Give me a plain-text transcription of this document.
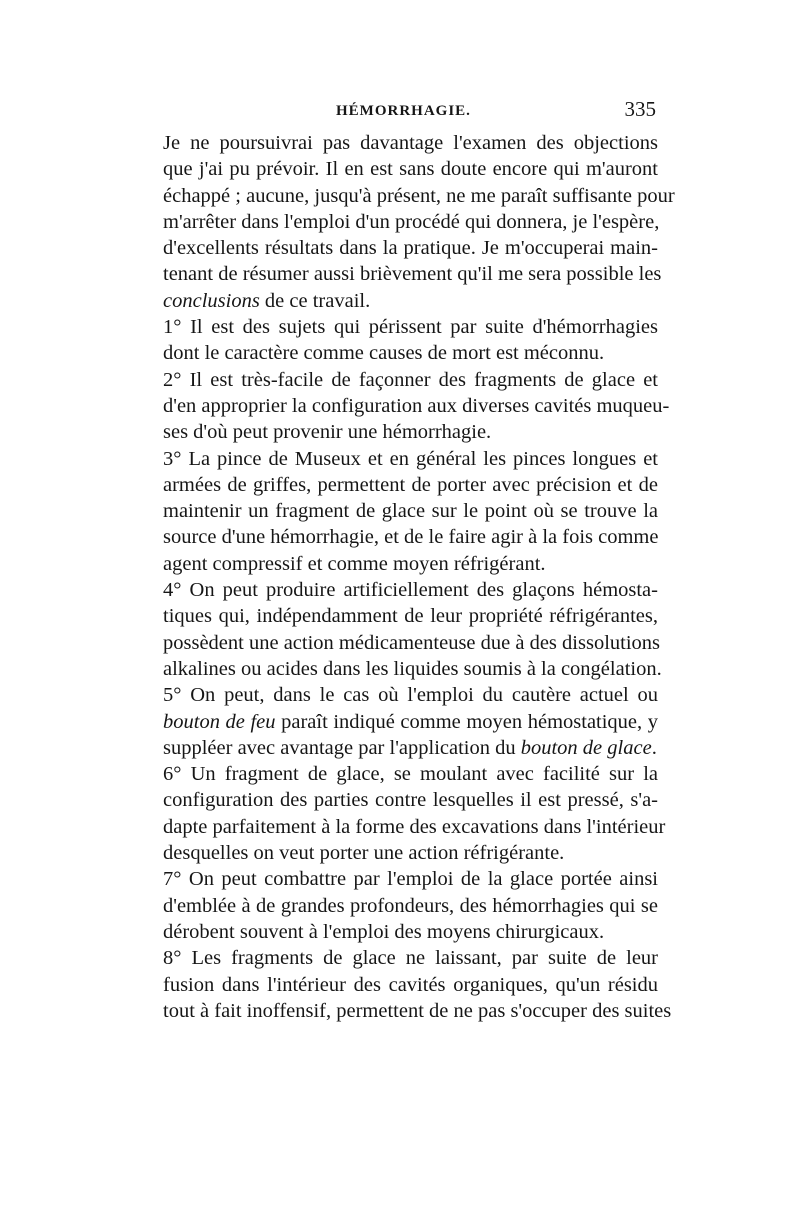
HÉMORRHAGIE.	335
Je ne poursuivrai pas davantage l'examen des objections
que j'ai pu prévoir. Il en est sans doute encore qui m'auront
échappé ; aucune, jusqu'à présent, ne me paraît suffisante pour
m'arrêter dans l'emploi d'un procédé qui donnera, je l'espère,
d'excellents résultats dans la pratique. Je m'occuperai main-
tenant de résumer aussi brièvement qu'il me sera possible les
conclusions de ce travail.
1° Il est des sujets qui périssent par suite d'hémorrhagies
dont le caractère comme causes de mort est méconnu.
2° Il est très-facile de façonner des fragments de glace et
d'en approprier la configuration aux diverses cavités muqueu-
ses d'où peut provenir une hémorrhagie.
3° La pince de Museux et en général les pinces longues et
armées de griffes, permettent de porter avec précision et de
maintenir un fragment de glace sur le point où se trouve la
source d'une hémorrhagie, et de le faire agir à la fois comme
agent compressif et comme moyen réfrigérant.
4° On peut produire artificiellement des glaçons hémosta-
tiques qui, indépendamment de leur propriété réfrigérantes,
possèdent une action médicamenteuse due à des dissolutions
alkalines ou acides dans les liquides soumis à la congélation.
5° On peut, dans le cas où l'emploi du cautère actuel ou
bouton de feu paraît indiqué comme moyen hémostatique, y
suppléer avec avantage par l'application du bouton de glace.
6° Un fragment de glace, se moulant avec facilité sur la
configuration des parties contre lesquelles il est pressé, s'a-
dapte parfaitement à la forme des excavations dans l'intérieur
desquelles on veut porter une action réfrigérante.
7° On peut combattre par l'emploi de la glace portée ainsi
d'emblée à de grandes profondeurs, des hémorrhagies qui se
dérobent souvent à l'emploi des moyens chirurgicaux.
8° Les fragments de glace ne laissant, par suite de leur
fusion dans l'intérieur des cavités organiques, qu'un résidu
tout à fait inoffensif, permettent de ne pas s'occuper des suites
